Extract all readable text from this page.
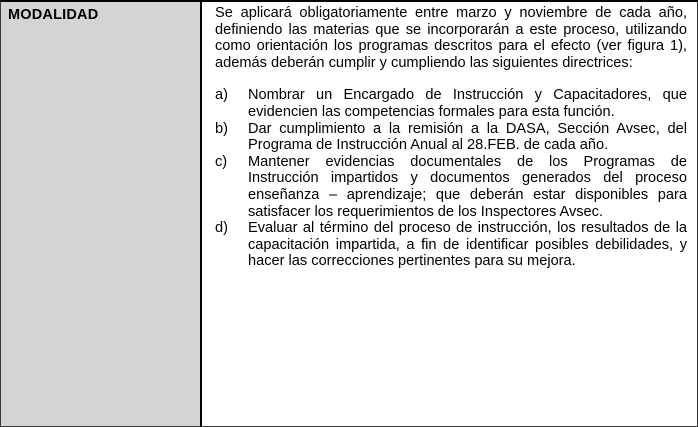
MODALIDAD	Se aplicará obligatoriamente entre marzo y noviembre de cada año, definiendo las materias que se incorporarán a este proceso, utilizando como orientación los programas descritos para el efecto (ver figura 1), además deberán cumplir y cumpliendo las siguientes directrices:

a)	Nombrar un Encargado de Instrucción y Capacitadores, que evidencien las competencias formales para esta función.
b)	Dar cumplimiento a la remisión a la DASA, Sección Avsec, del Programa de Instrucción Anual al 28.FEB. de cada año.
c)	Mantener evidencias documentales de los Programas de Instrucción impartidos y documentos generados del proceso enseñanza – aprendizaje; que deberán estar disponibles para satisfacer los requerimientos de los Inspectores Avsec.
d)	Evaluar al término del proceso de instrucción, los resultados de la capacitación impartida, a fin de identificar posibles debilidades, y hacer las correcciones pertinentes para su mejora.
